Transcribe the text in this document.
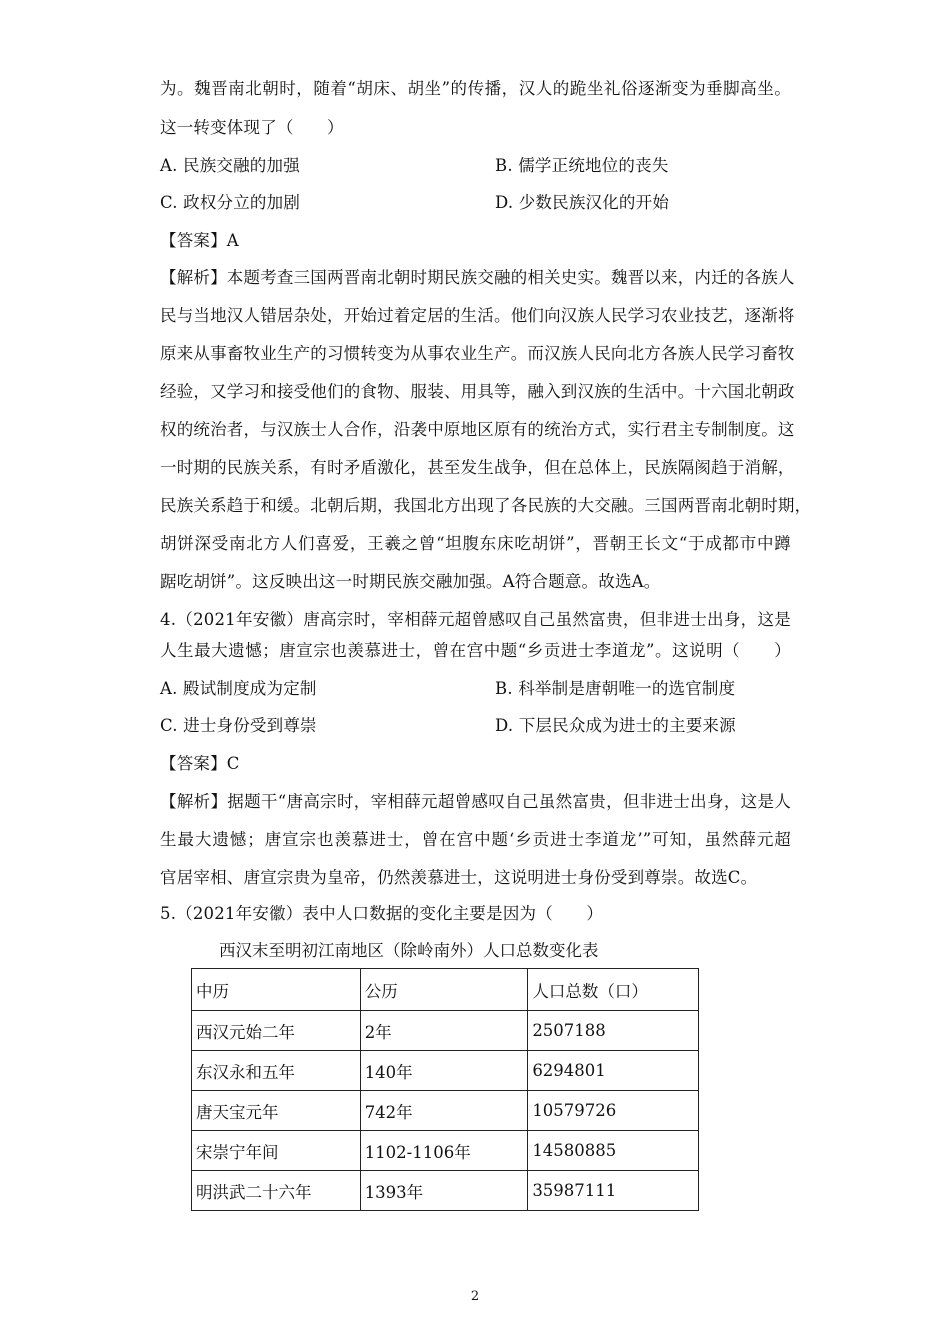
为。魏晋南北朝时，随着“胡床、胡坐”的传播，汉人的跪坐礼俗逐渐变为垂脚高坐。
这一转变体现了（　　）
A. 民族交融的加强	B. 儒学正统地位的丧失
C. 政权分立的加剧	D. 少数民族汉化的开始
【答案】A
【解析】本题考查三国两晋南北朝时期民族交融的相关史实。魏晋以来，内迁的各族人
民与当地汉人错居杂处，开始过着定居的生活。他们向汉族人民学习农业技艺，逐渐将
原来从事畜牧业生产的习惯转变为从事农业生产。而汉族人民向北方各族人民学习畜牧
经验，又学习和接受他们的食物、服装、用具等，融入到汉族的生活中。十六国北朝政
权的统治者，与汉族士人合作，沿袭中原地区原有的统治方式，实行君主专制制度。这
一时期的民族关系，有时矛盾激化，甚至发生战争，但在总体上，民族隔阂趋于消解，
民族关系趋于和缓。北朝后期，我国北方出现了各民族的大交融。三国两晋南北朝时期，
胡饼深受南北方人们喜爱，王羲之曾“坦腹东床吃胡饼”，晋朝王长文“于成都市中蹲
踞吃胡饼”。这反映出这一时期民族交融加强。A符合题意。故选A。
4.（2021年安徽）唐高宗时，宰相薛元超曾感叹自己虽然富贵，但非进士出身，这是
人生最大遗憾；唐宣宗也羡慕进士，曾在宫中题“乡贡进士李道龙”。这说明（　　）
A. 殿试制度成为定制	B. 科举制是唐朝唯一的选官制度
C. 进士身份受到尊崇	D. 下层民众成为进士的主要来源
【答案】C
【解析】据题干“唐高宗时，宰相薛元超曾感叹自己虽然富贵，但非进士出身，这是人
生最大遗憾；唐宣宗也羡慕进士，曾在宫中题‘乡贡进士李道龙’”可知，虽然薛元超
官居宰相、唐宣宗贵为皇帝，仍然羡慕进士，这说明进士身份受到尊崇。故选C。
5.（2021年安徽）表中人口数据的变化主要是因为（　　）
西汉末至明初江南地区（除岭南外）人口总数变化表
中历	公历	人口总数（口）
西汉元始二年	2年	2507188
东汉永和五年	140年	6294801
唐天宝元年	742年	10579726
宋崇宁年间	1102-1106年	14580885
明洪武二十六年	1393年	35987111
2
